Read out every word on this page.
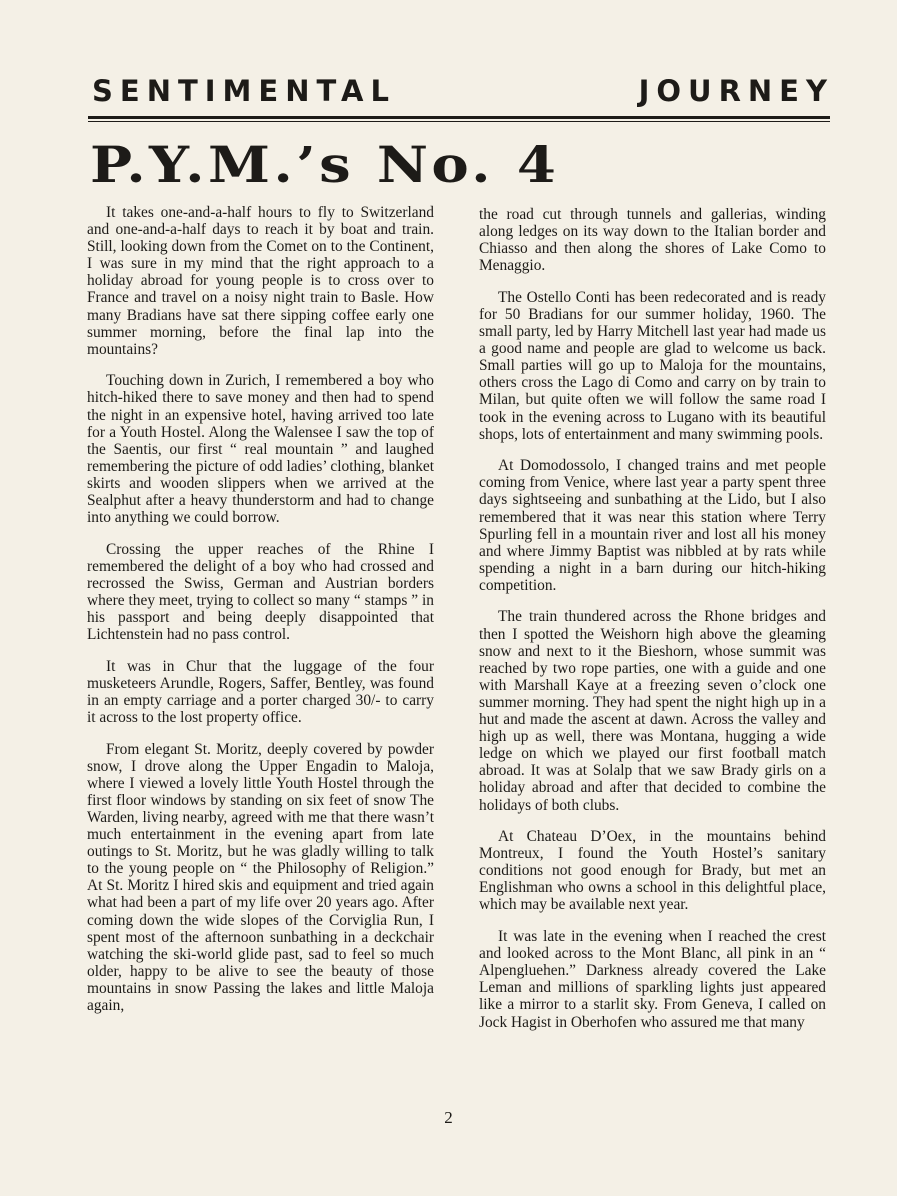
SENTIMENTAL	JOURNEY
P.Y.M.’s No. 4

It takes one-and-a-half hours to fly to Switzerland and one-and-a-half days to reach it by boat and train. Still, looking down from the Comet on to the Continent, I was sure in my mind that the right approach to a holiday abroad for young people is to cross over to France and travel on a noisy night train to Basle. How many Bradians have sat there sipping coffee early one summer morning, before the final lap into the mountains?

Touching down in Zurich, I remembered a boy who hitch-hiked there to save money and then had to spend the night in an expensive hotel, having arrived too late for a Youth Hostel. Along the Walensee I saw the top of the Saentis, our first “ real mountain ” and laughed remembering the picture of odd ladies’ clothing, blanket skirts and wooden slippers when we arrived at the Sealphut after a heavy thunderstorm and had to change into anything we could borrow.

Crossing the upper reaches of the Rhine I remembered the delight of a boy who had crossed and recrossed the Swiss, German and Austrian borders where they meet, trying to collect so many “ stamps ” in his passport and being deeply disappointed that Lichtenstein had no pass control.

It was in Chur that the luggage of the four musketeers Arundle, Rogers, Saffer, Bentley, was found in an empty carriage and a porter charged 30/- to carry it across to the lost property office.

From elegant St. Moritz, deeply covered by powder snow, I drove along the Upper Engadin to Maloja, where I viewed a lovely little Youth Hostel through the first floor windows by standing on six feet of snow The Warden, living nearby, agreed with me that there wasn’t much entertainment in the evening apart from late outings to St. Moritz, but he was gladly willing to talk to the young people on “ the Philosophy of Religion.” At St. Moritz I hired skis and equipment and tried again what had been a part of my life over 20 years ago. After coming down the wide slopes of the Corviglia Run, I spent most of the afternoon sunbathing in a deckchair watching the ski-world glide past, sad to feel so much older, happy to be alive to see the beauty of those mountains in snow Passing the lakes and little Maloja again,

the road cut through tunnels and gallerias, winding along ledges on its way down to the Italian border and Chiasso and then along the shores of Lake Como to Menaggio.

The Ostello Conti has been redecorated and is ready for 50 Bradians for our summer holiday, 1960. The small party, led by Harry Mitchell last year had made us a good name and people are glad to welcome us back. Small parties will go up to Maloja for the mountains, others cross the Lago di Como and carry on by train to Milan, but quite often we will follow the same road I took in the evening across to Lugano with its beautiful shops, lots of entertainment and many swimming pools.

At Domodossolo, I changed trains and met people coming from Venice, where last year a party spent three days sightseeing and sunbathing at the Lido, but I also remembered that it was near this station where Terry Spurling fell in a mountain river and lost all his money and where Jimmy Baptist was nibbled at by rats while spending a night in a barn during our hitch-hiking competition.

The train thundered across the Rhone bridges and then I spotted the Weishorn high above the gleaming snow and next to it the Bieshorn, whose summit was reached by two rope parties, one with a guide and one with Marshall Kaye at a freezing seven o’clock one summer morning. They had spent the night high up in a hut and made the ascent at dawn. Across the valley and high up as well, there was Montana, hugging a wide ledge on which we played our first football match abroad. It was at Solalp that we saw Brady girls on a holiday abroad and after that decided to combine the holidays of both clubs.

At Chateau D’Oex, in the mountains behind Montreux, I found the Youth Hostel’s sanitary conditions not good enough for Brady, but met an Englishman who owns a school in this delightful place, which may be available next year.

It was late in the evening when I reached the crest and looked across to the Mont Blanc, all pink in an “ Alpengluehen.” Darkness already covered the Lake Leman and millions of sparkling lights just appeared like a mirror to a starlit sky. From Geneva, I called on Jock Hagist in Oberhofen who assured me that many

2
